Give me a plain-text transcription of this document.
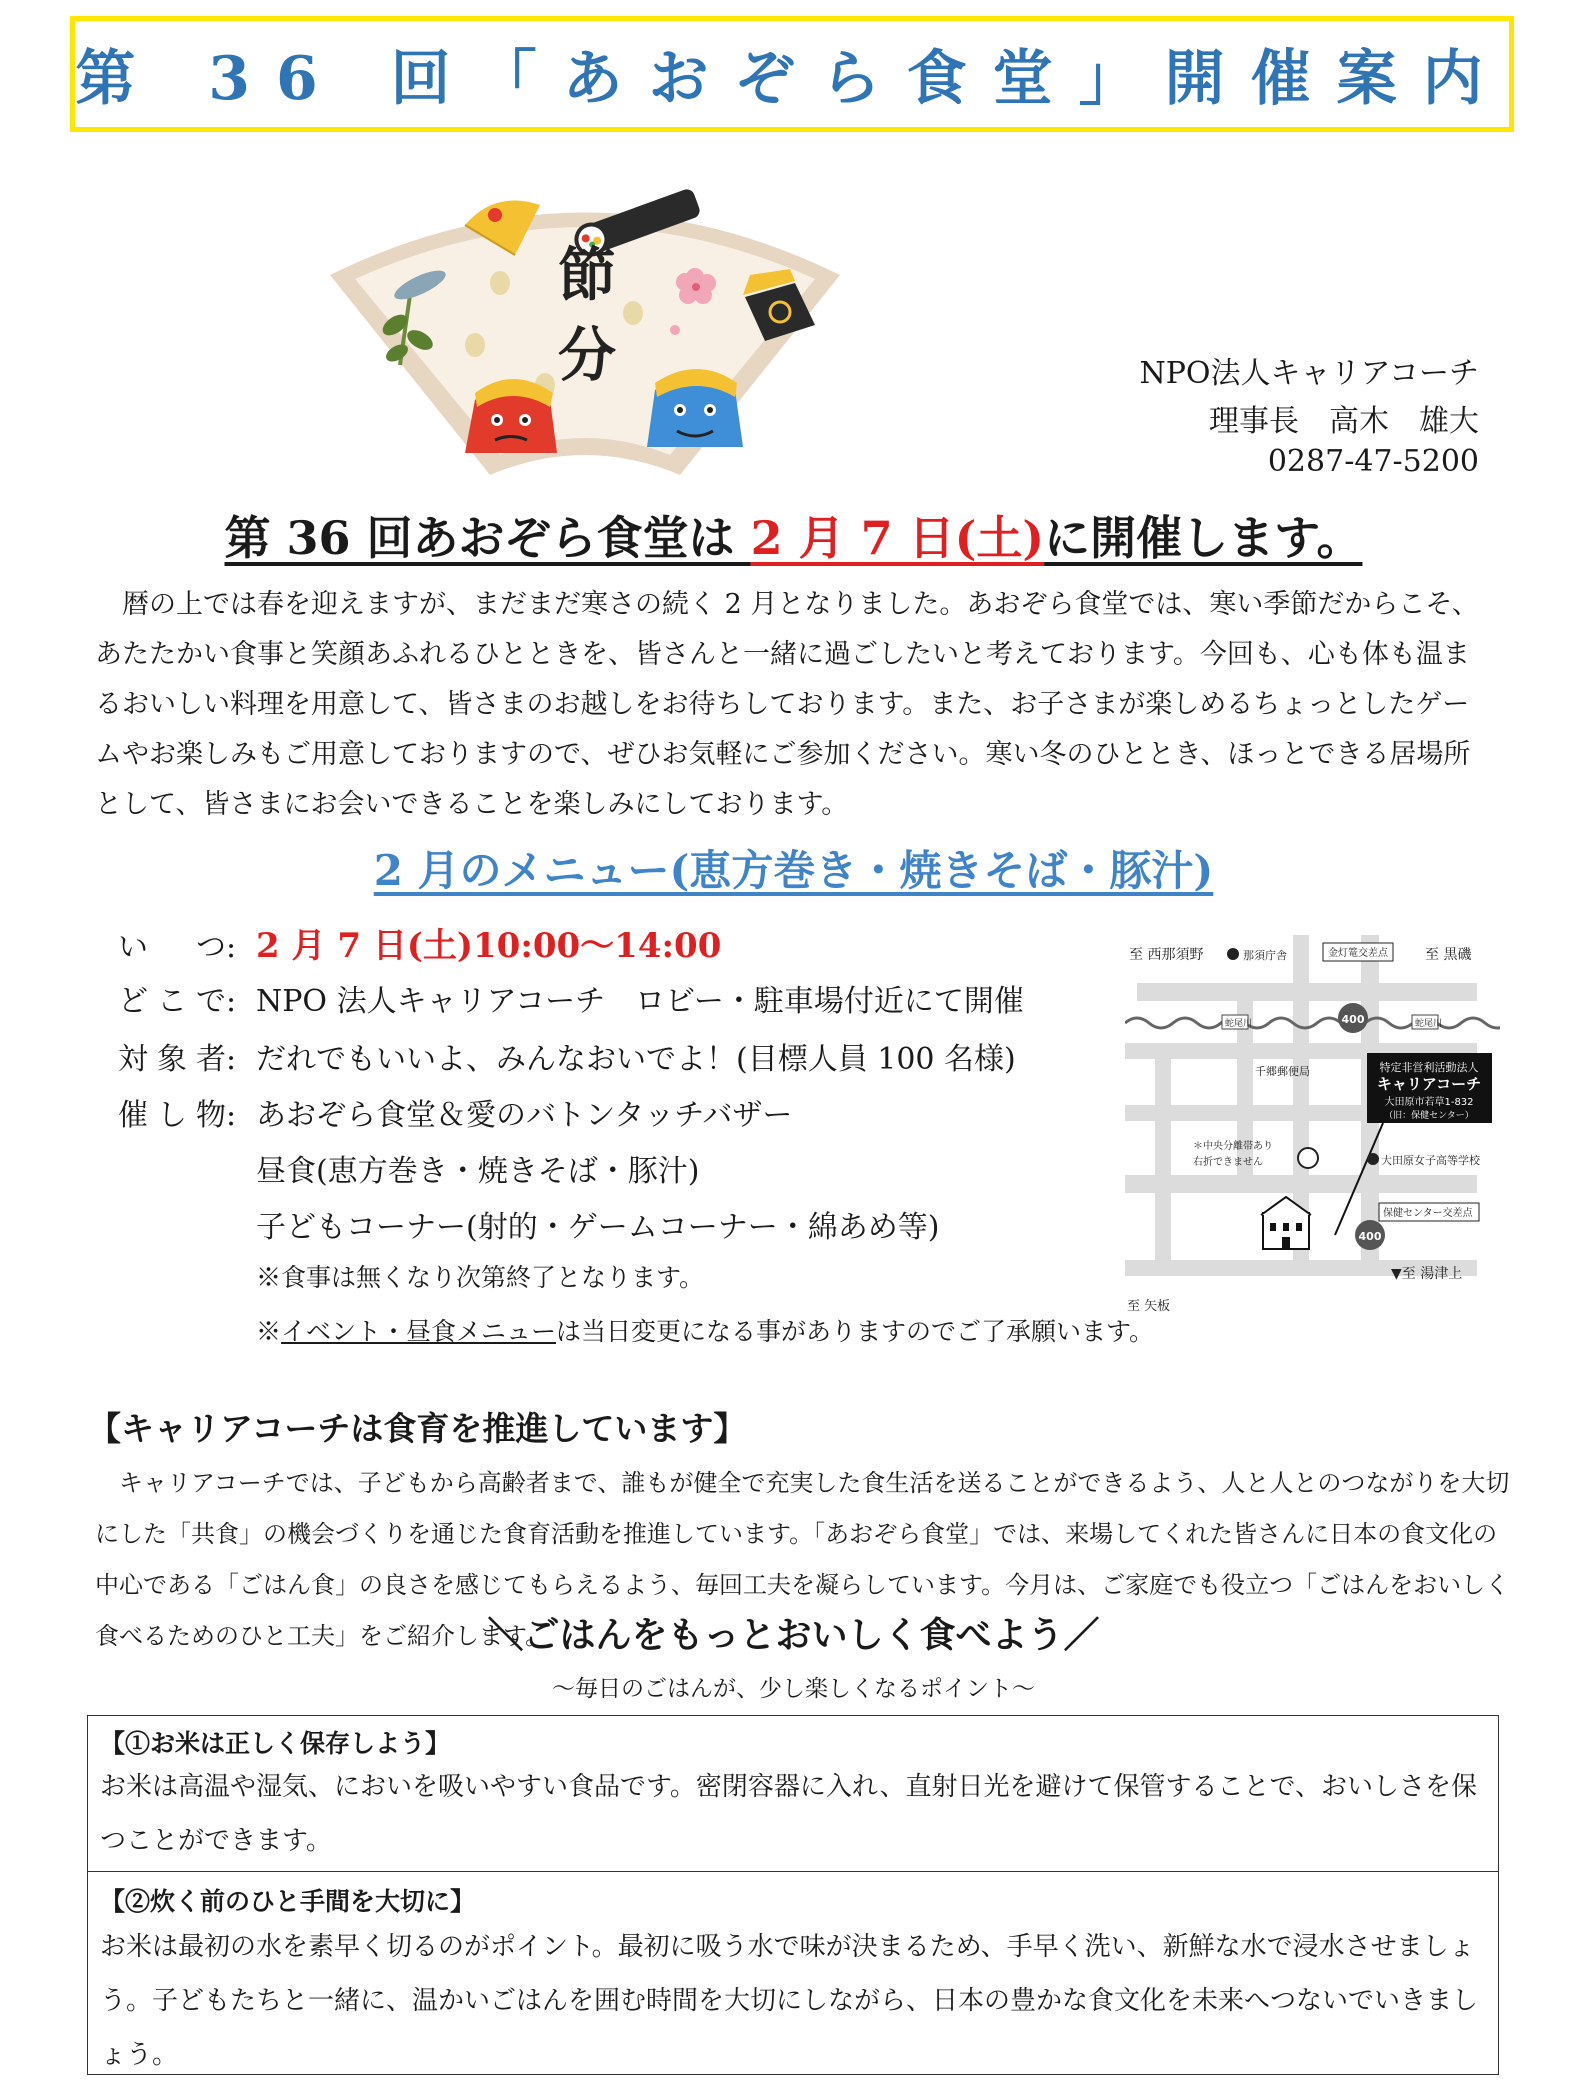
第 36 回「あおぞら食堂」開催案内
節
分	NPO法人キャリアコーチ
理事長　高木　雄大
0287-47-5200
第 36 回あおぞら食堂は 2 月 7 日(土)に開催します。
暦の上では春を迎えますが、まだまだ寒さの続く 2 月となりました。あおぞら食堂では、寒い季節だからこそ、あたたかい食事と笑顔あふれるひとときを、皆さんと一緒に過ごしたいと考えております。今回も、心も体も温まるおいしい料理を用意して、皆さまのお越しをお待ちしております。また、お子さまが楽しめるちょっとしたゲームやお楽しみもご用意しておりますので、ぜひお気軽にご参加ください。寒い冬のひととき、ほっとできる居場所として、皆さまにお会いできることを楽しみにしております。
2 月のメニュー(恵方巻き・焼きそば・豚汁)
いつ: 2 月 7 日(土)10:00～14:00
どこで: NPO 法人キャリアコーチ　ロビー・駐車場付近にて開催
対象者: だれでもいいよ、みんなおいでよ！(目標人員 100 名様)
催し物: あおぞら食堂＆愛のバトンタッチバザー
昼食(恵方巻き・焼きそば・豚汁)
子どもコーナー(射的・ゲームコーナー・綿あめ等)
※食事は無くなり次第終了となります。
※イベント・昼食メニューは当日変更になる事がありますのでご了承願います。
至 西那須野	那須庁舎	金灯篭交差点	至 黒磯
蛇尾川	蛇尾川
400
千郷郵便局	特定非営利活動法人
キャリアコーチ
大田原市若草1-832
（旧：保健センター）
＊中央分離帯あり
右折できません	大田原女子高等学校
保健センター交差点
400
▼至 湯津上
至 矢板
【キャリアコーチは食育を推進しています】
キャリアコーチでは、子どもから高齢者まで、誰もが健全で充実した食生活を送ることができるよう、人と人とのつながりを大切にした「共食」の機会づくりを通じた食育活動を推進しています。「あおぞら食堂」では、来場してくれた皆さんに日本の食文化の中心である「ごはん食」の良さを感じてもらえるよう、毎回工夫を凝らしています。今月は、ご家庭でも役立つ「ごはんをおいしく食べるためのひと工夫」をご紹介します。
＼ごはんをもっとおいしく食べよう／
～毎日のごはんが、少し楽しくなるポイント～
【①お米は正しく保存しよう】
お米は高温や湿気、においを吸いやすい食品です。密閉容器に入れ、直射日光を避けて保管することで、おいしさを保つことができます。
【②炊く前のひと手間を大切に】
お米は最初の水を素早く切るのがポイント。最初に吸う水で味が決まるため、手早く洗い、新鮮な水で浸水させましょう。子どもたちと一緒に、温かいごはんを囲む時間を大切にしながら、日本の豊かな食文化を未来へつないでいきましょう。
